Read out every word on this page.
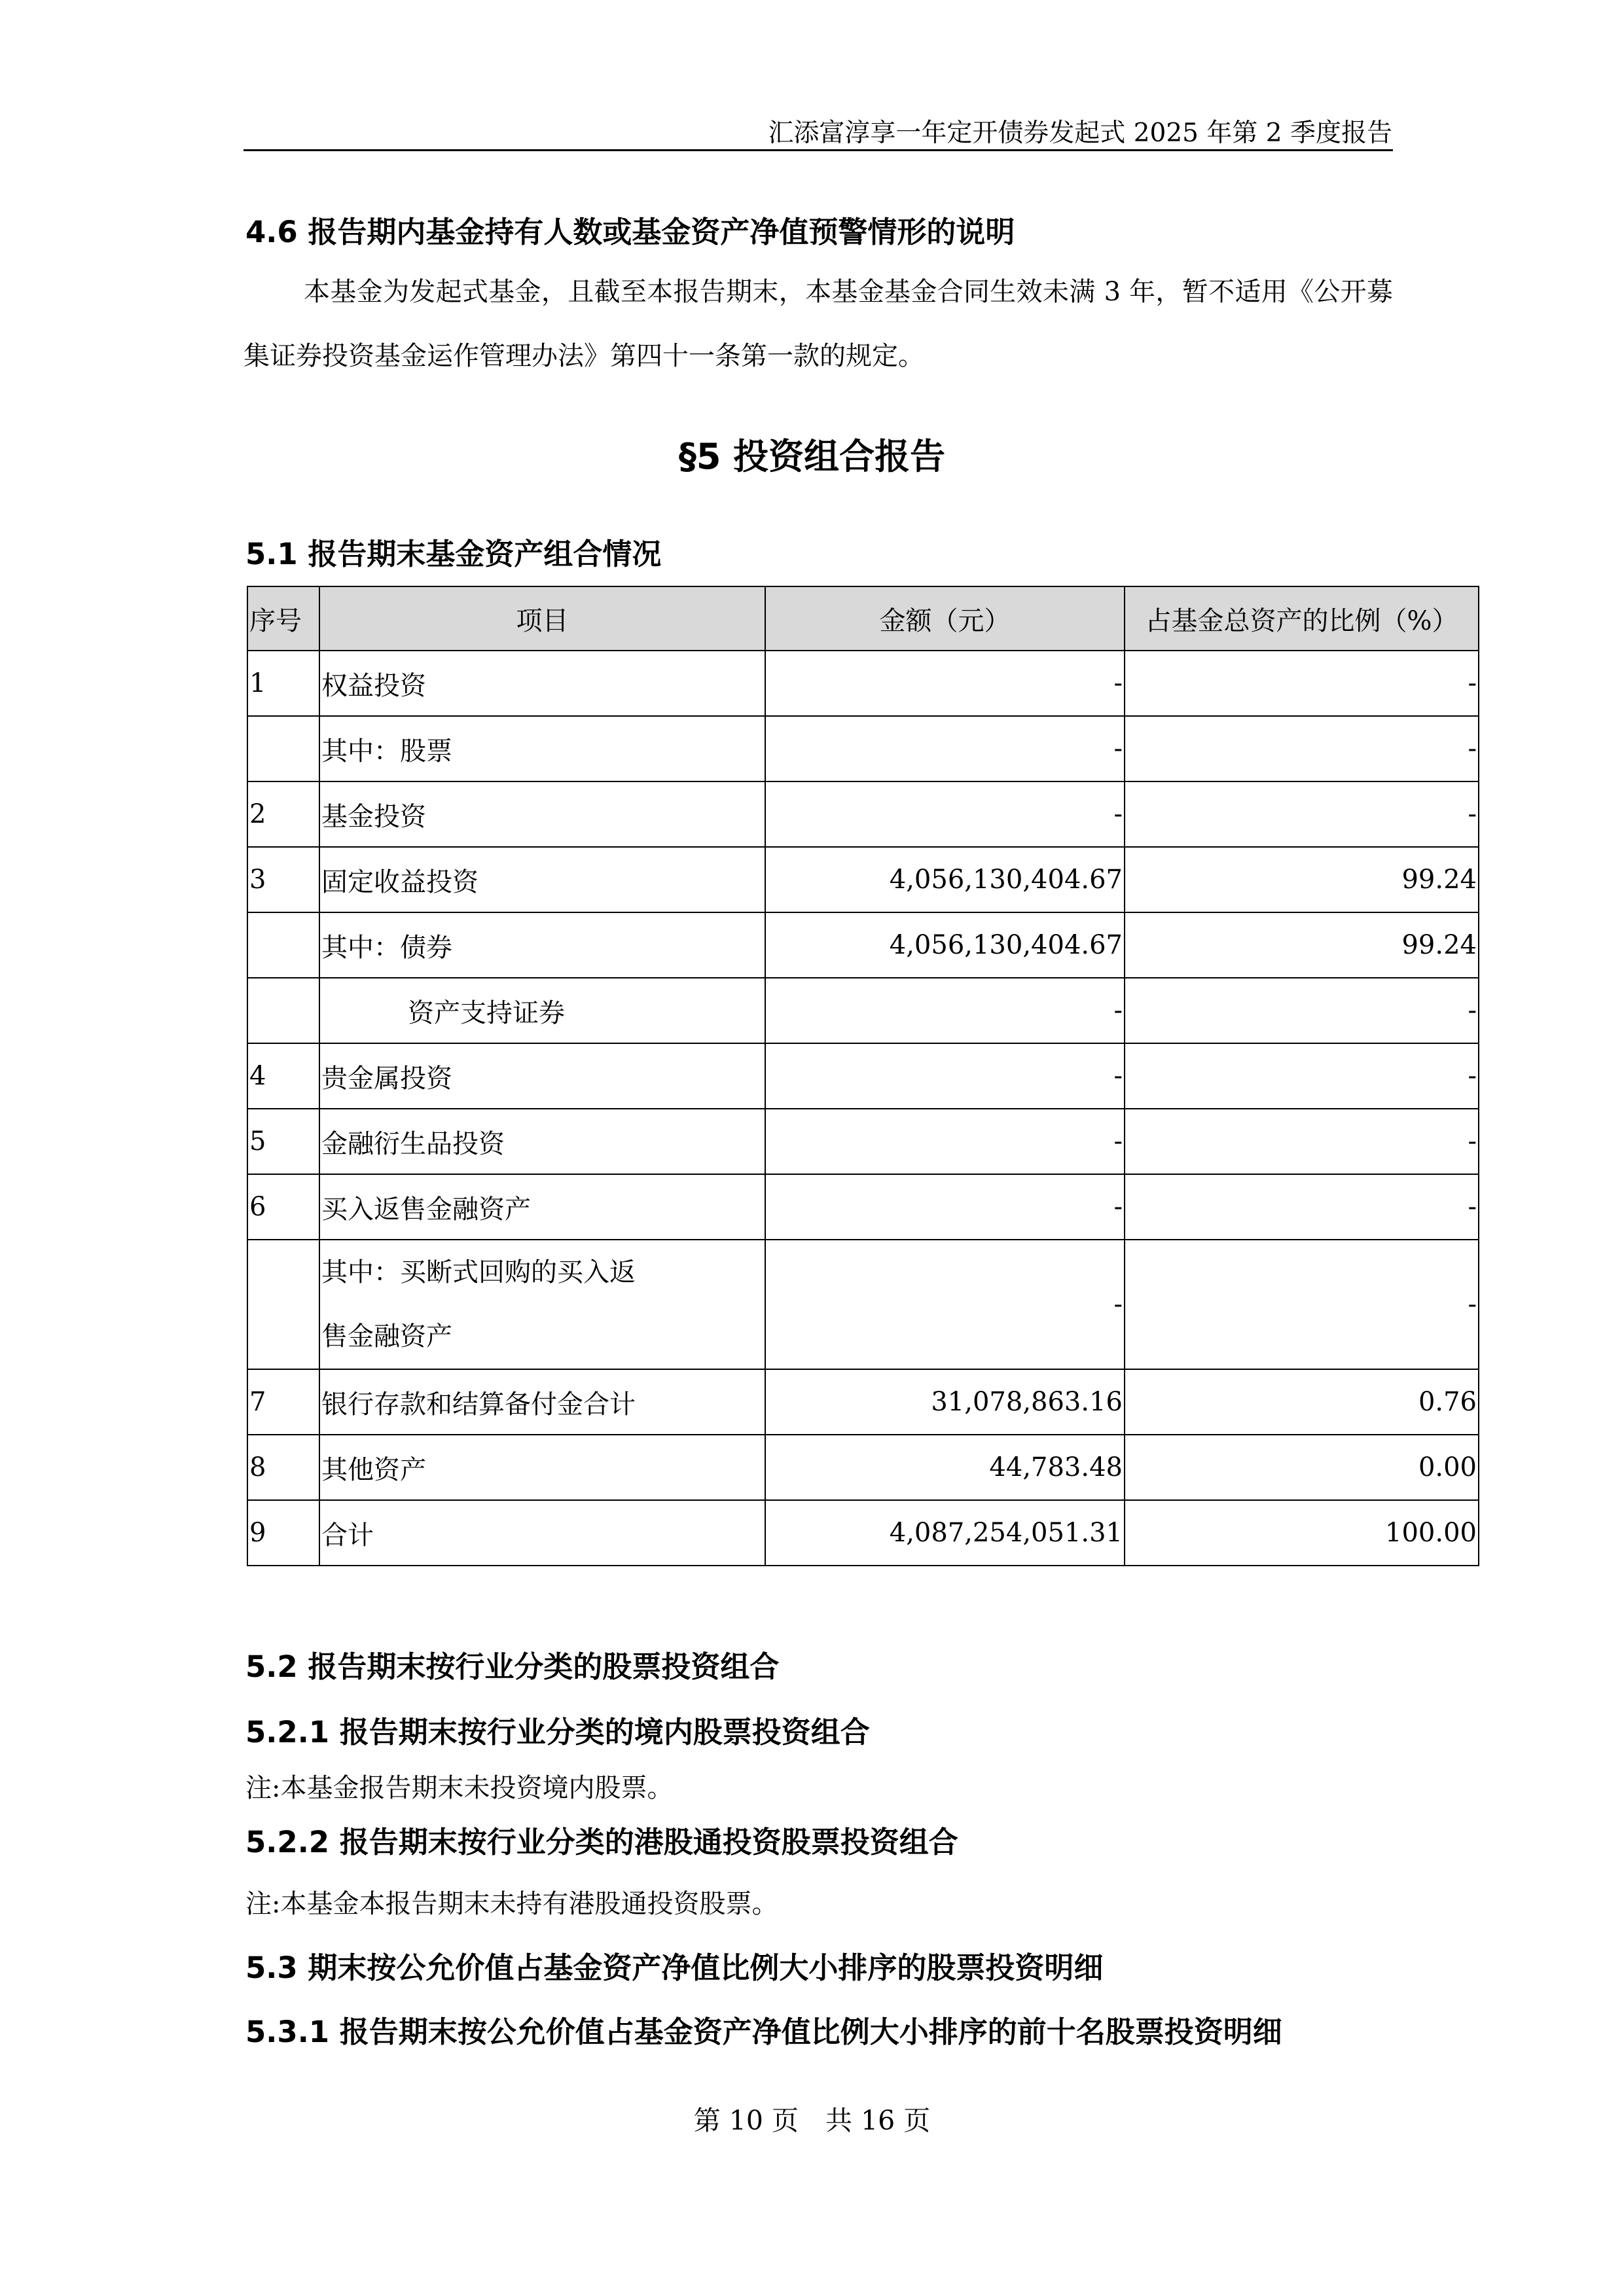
汇添富淳享一年定开债券发起式 2025 年第 2 季度报告
4.6 报告期内基金持有人数或基金资产净值预警情形的说明
本基金为发起式基金，且截至本报告期末，本基金基金合同生效未满 3 年，暂不适用《公开募集证券投资基金运作管理办法》第四十一条第一款的规定。
§5 投资组合报告
5.1 报告期末基金资产组合情况
序号	项目	金额（元）	占基金总资产的比例（%）
1	权益投资	-	-
	其中：股票	-	-
2	基金投资	-	-
3	固定收益投资	4,056,130,404.67	99.24
	其中：债券	4,056,130,404.67	99.24
	资产支持证券	-	-
4	贵金属投资	-	-
5	金融衍生品投资	-	-
6	买入返售金融资产	-	-

	其中：买断式回购的买入返
售金融资产	-	-
7	银行存款和结算备付金合计	31,078,863.16	0.76
8	其他资产	44,783.48	0.00
9	合计	4,087,254,051.31	100.00
5.2 报告期末按行业分类的股票投资组合
5.2.1 报告期末按行业分类的境内股票投资组合
注:本基金报告期末未投资境内股票。
5.2.2 报告期末按行业分类的港股通投资股票投资组合
注:本基金本报告期末未持有港股通投资股票。
5.3 期末按公允价值占基金资产净值比例大小排序的股票投资明细
5.3.1 报告期末按公允价值占基金资产净值比例大小排序的前十名股票投资明细
第 10 页　共 16 页
